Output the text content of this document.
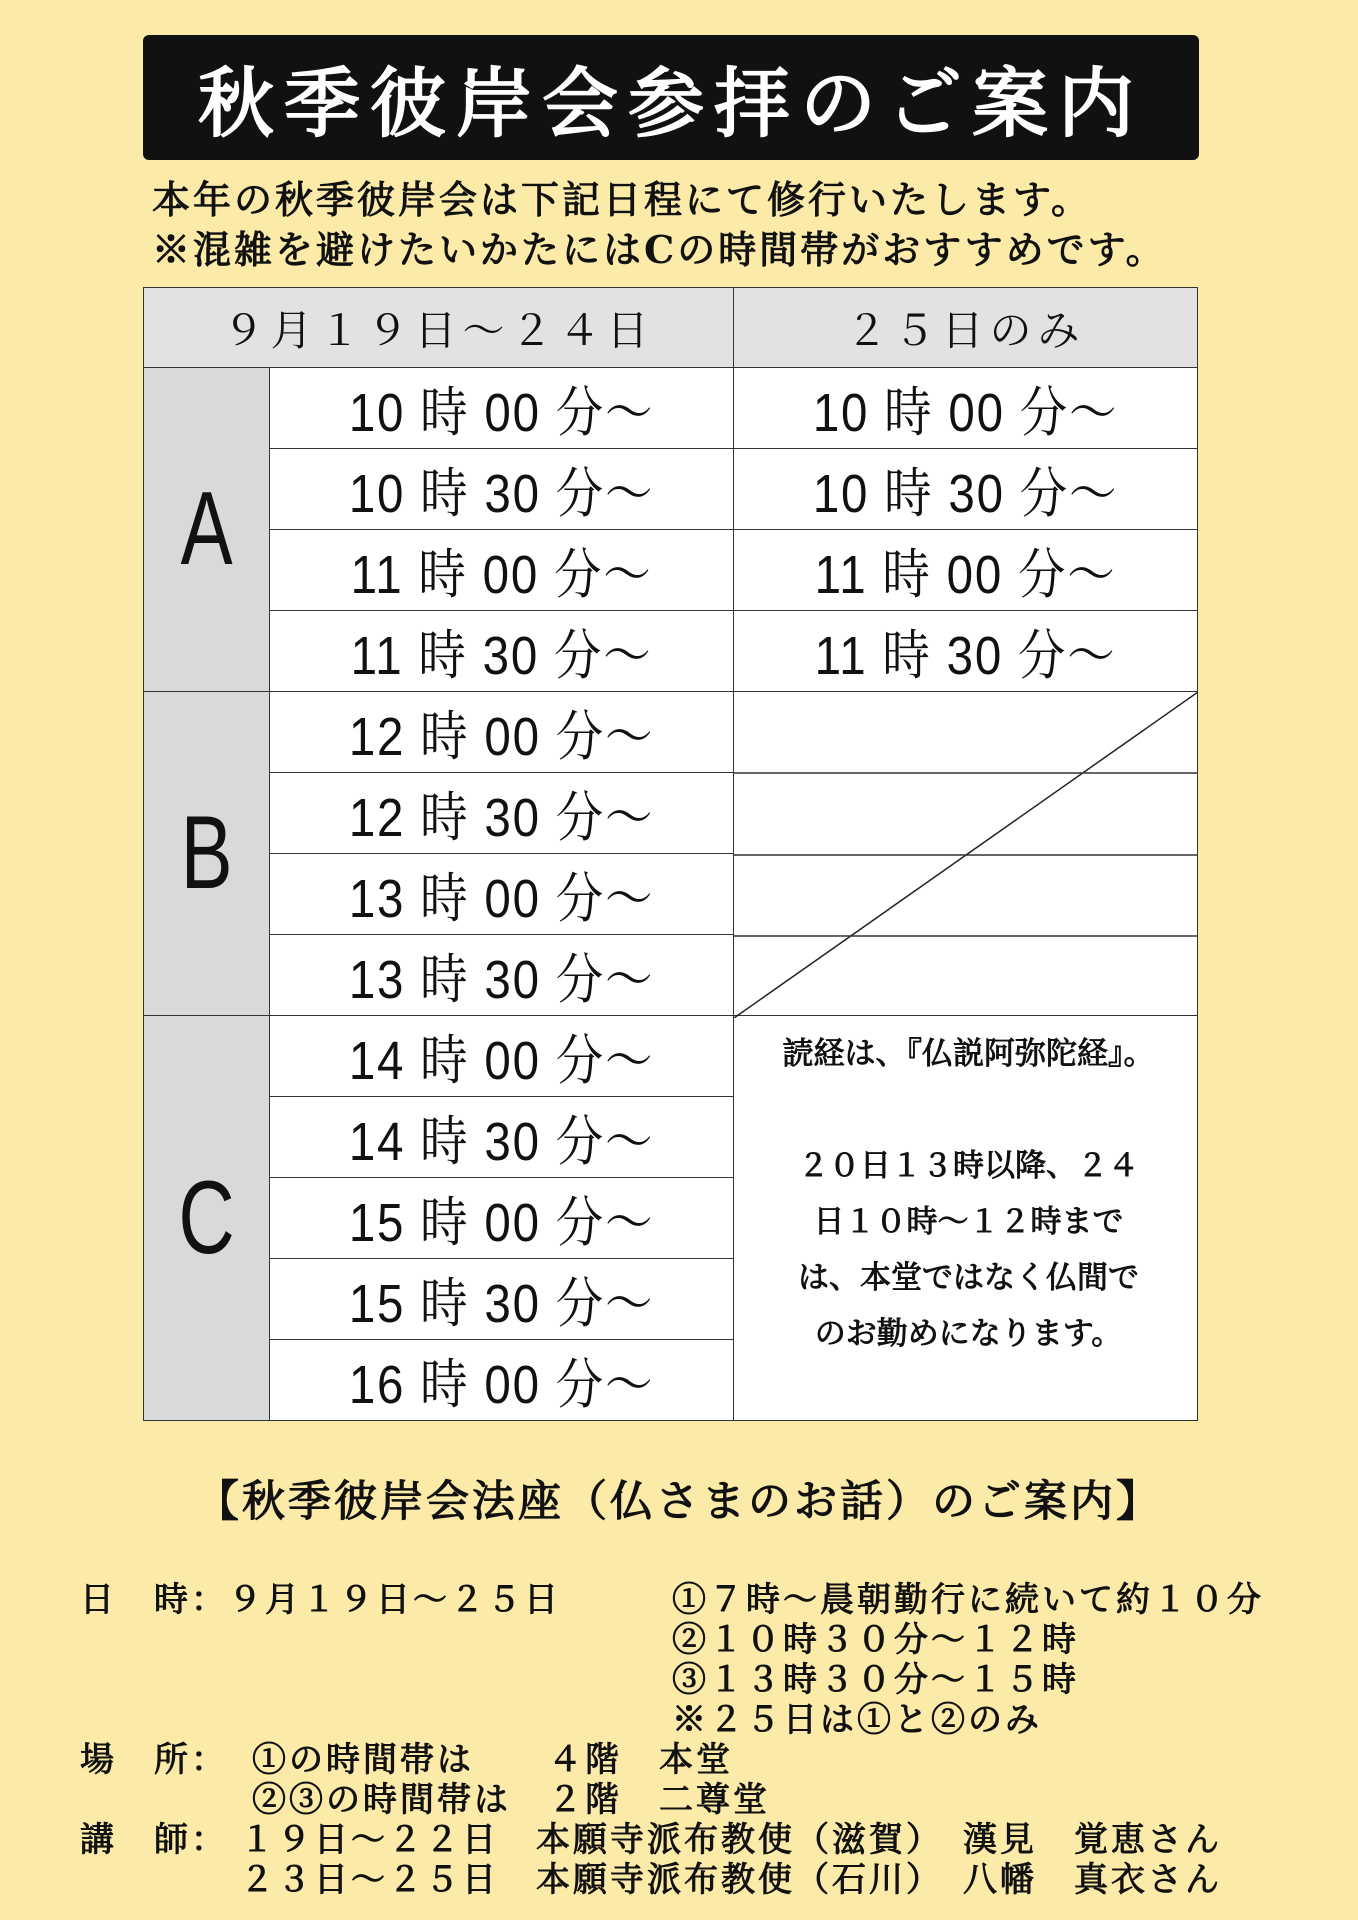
秋季彼岸会参拝のご案内
本年の秋季彼岸会は下記日程にて修行いたします。
※混雑を避けたいかたにはCの時間帯がおすすめです。
９月１９日～２４日		２５日のみ
A	10 時 00 分～	10 時 00 分～
	10 時 30 分～	10 時 30 分～
	11 時 00 分～	11 時 00 分～
	11 時 30 分～	11 時 30 分～
B	12 時 00 分～	

	12 時 30 分～	
	13 時 00 分～	
	13 時 30 分～	
C	14 時 00 分～	読経は、『仏説阿弥陀経』。
２０日１３時以降、２４
日１０時～１２時まで
は、本堂ではなく仏間で
のお勤めになります。

	14 時 30 分～	
	15 時 00 分～	
	15 時 30 分～	
	16 時 00 分～	
【秋季彼岸会法座（仏さまのお話）のご案内】
日　時：９月１９日～２５日	①７時～晨朝勤行に続いて約１０分
②１０時３０分～１２時
③１３時３０分～１５時
※２５日は①と②のみ
場　所： ①の時間帯は　　４階　本堂
②③の時間帯は　２階　二尊堂
講　師： １９日～２２日　本願寺派布教使（滋賀）　漢見　覚恵さん
２３日～２５日　本願寺派布教使（石川）　八幡　真衣さん
